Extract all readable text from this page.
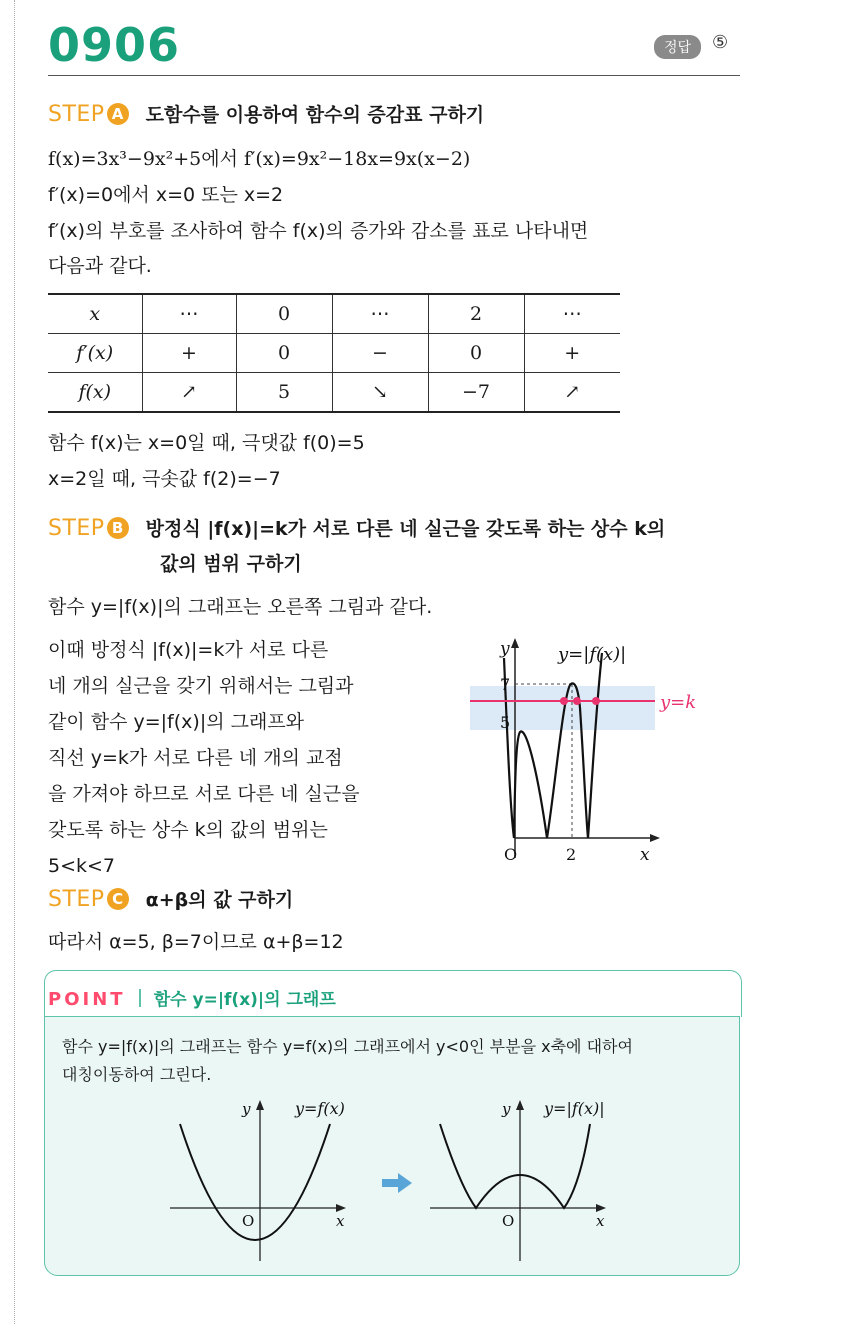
0906	정답	⑤
STEP A 도함수를 이용하여 함수의 증감표 구하기
f(x)=3x³−9x²+5에서 f′(x)=9x²−18x=9x(x−2)
f′(x)=0에서 x=0 또는 x=2
f′(x)의 부호를 조사하여 함수 f(x)의 증가와 감소를 표로 나타내면
다음과 같다.
x	⋯	0	⋯	2	⋯
f′(x)	+	0	−	0	+
f(x)	↗	5	↘	−7	↗
함수 f(x)는 x=0일 때, 극댓값 f(0)=5
x=2일 때, 극솟값 f(2)=−7
STEP B 방정식 |f(x)|=k가 서로 다른 네 실근을 갖도록 하는 상수 k의
값의 범위 구하기
함수 y=|f(x)|의 그래프는 오른쪽 그림과 같다.
이때 방정식 |f(x)|=k가 서로 다른
네 개의 실근을 갖기 위해서는 그림과
같이 함수 y=|f(x)|의 그래프와
직선 y=k가 서로 다른 네 개의 교점
을 가져야 하므로 서로 다른 네 실근을
갖도록 하는 상수 k의 값의 범위는
5<k<7
y	y=|f(x)|
7
5
y=k
O	2	x
STEP C α+β의 값 구하기
따라서 α=5, β=7이므로 α+β=12
POINT 함수 y=|f(x)|의 그래프
함수 y=|f(x)|의 그래프는 함수 y=f(x)의 그래프에서 y<0인 부분을 x축에 대하여
대칭이동하여 그린다.
y	y=f(x)
O	x
y y=|f(x)|
O	x
